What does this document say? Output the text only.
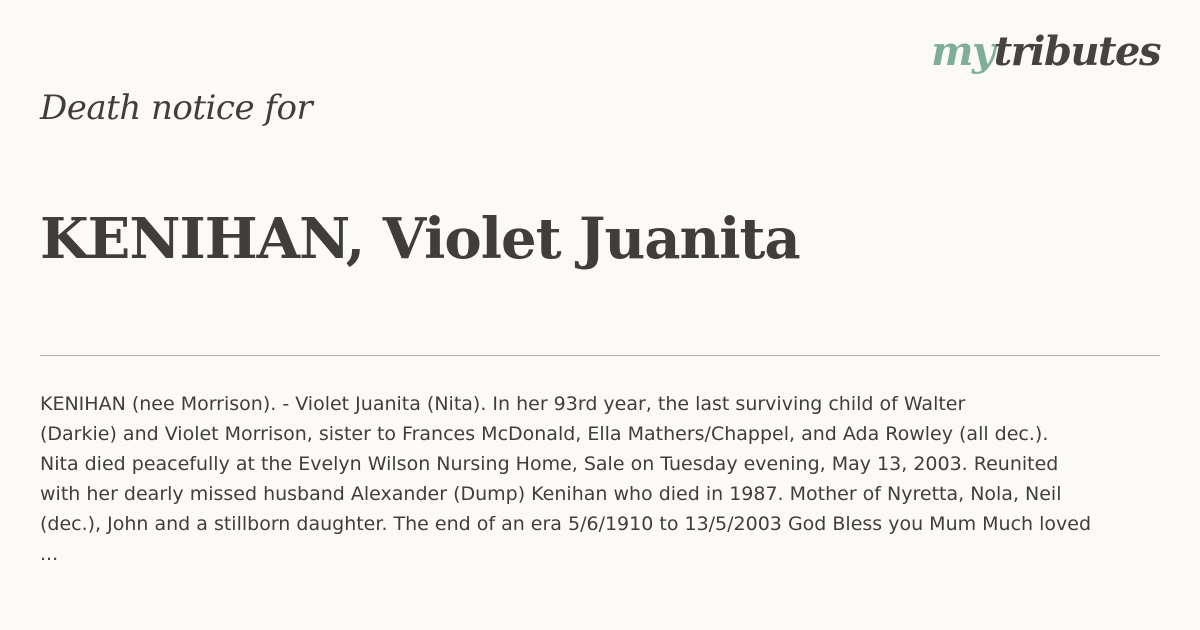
mytributes
Death notice for
KENIHAN, Violet Juanita

KENIHAN (nee Morrison). - Violet Juanita (Nita). In her 93rd year, the last surviving child of Walter
(Darkie) and Violet Morrison, sister to Frances McDonald, Ella Mathers/Chappel, and Ada Rowley (all dec.).
Nita died peacefully at the Evelyn Wilson Nursing Home, Sale on Tuesday evening, May 13, 2003. Reunited
with her dearly missed husband Alexander (Dump) Kenihan who died in 1987. Mother of Nyretta, Nola, Neil
(dec.), John and a stillborn daughter. The end of an era 5/6/1910 to 13/5/2003 God Bless you Mum Much loved
...
